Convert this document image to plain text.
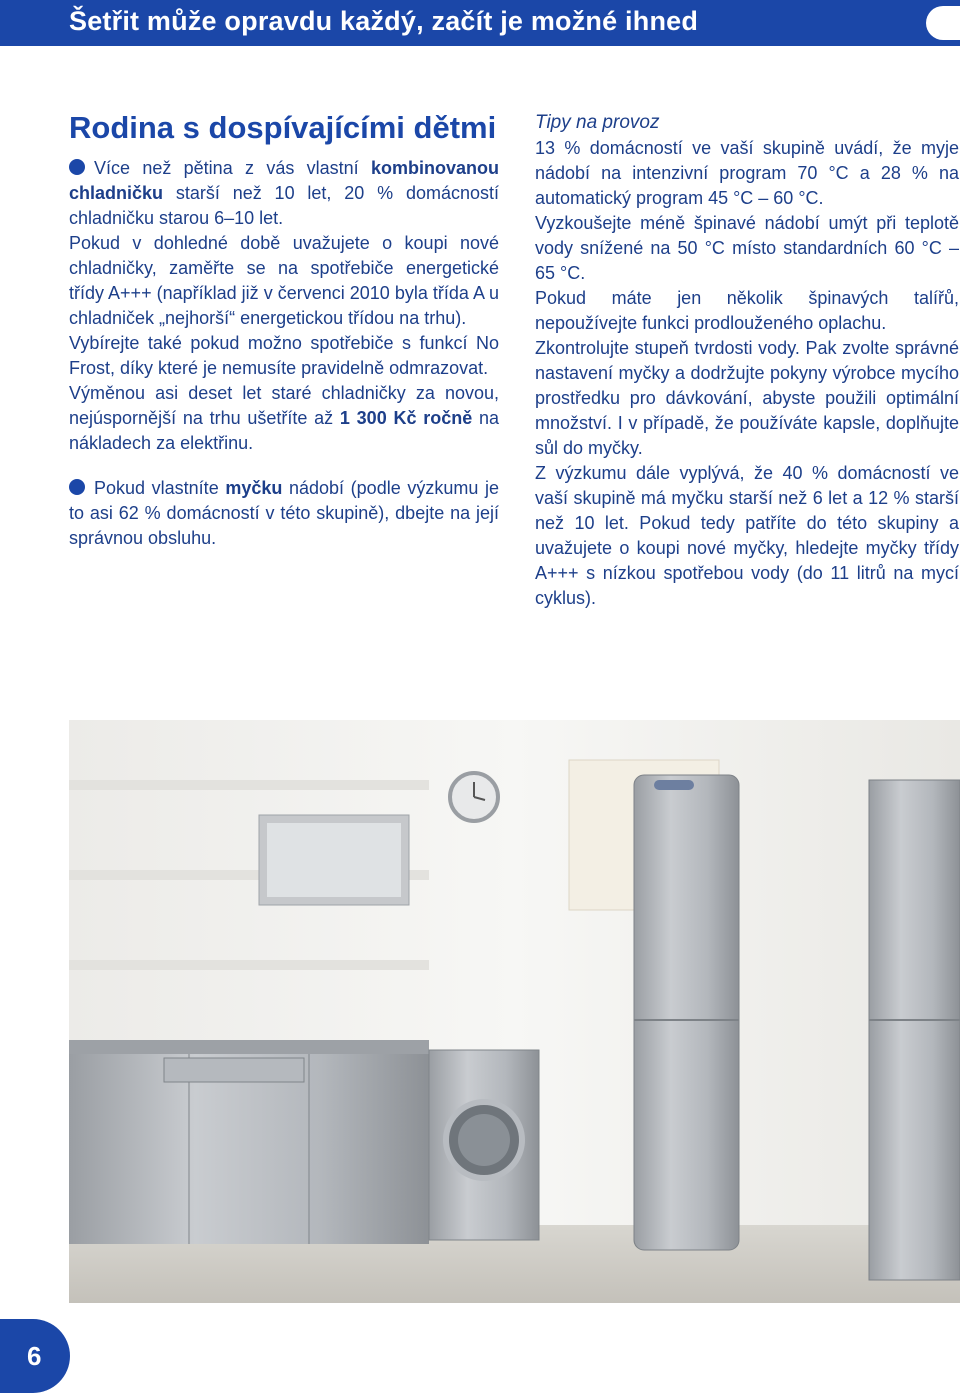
Šetřit může opravdu každý, začít je možné ihned
Rodina s dospívajícími dětmi

Více než pětina z vás vlastní kombinovanou chladničku starší než 10 let, 20 % domácností chladničku starou 6–10 let.

Pokud v dohledné době uvažujete o koupi nové chladničky, zaměřte se na spotřebiče energetické třídy A+++ (například již v červenci 2010 byla třída A u chladniček „nejhorší“ energetickou třídou na trhu).

Vybírejte také pokud možno spotřebiče s funkcí No Frost, díky které je nemusíte pravidelně odmrazovat.

Výměnou asi deset let staré chladničky za novou, nejúspornější na trhu ušetříte až 1 300 Kč ročně na nákladech za elektřinu.

Pokud vlastníte myčku nádobí (podle výzkumu je to asi 62 % domácností v této skupině), dbejte na její správnou obsluhu.

Tipy na provoz

13 % domácností ve vaší skupině uvádí, že myje nádobí na intenzivní program 70 °C a 28 % na automatický program 45 °C – 60 °C.

Vyzkoušejte méně špinavé nádobí umýt při teplotě vody snížené na 50 °C místo standardních 60 °C – 65 °C.

Pokud máte jen několik špinavých talířů, nepoužívejte funkci prodlouženého oplachu.

Zkontrolujte stupeň tvrdosti vody. Pak zvolte správné nastavení myčky a dodržujte pokyny výrobce mycího prostředku pro dávkování, abyste použili optimální množství. I v případě, že používáte kapsle, doplňujte sůl do myčky.

Z výzkumu dále vyplývá, že 40 % domácností ve vaší skupině má myčku starší než 6 let a 12 % starší než 10 let. Pokud tedy patříte do této skupiny a uvažujete o koupi nové myčky, hledejte myčky třídy A+++ s nízkou spotřebou vody (do 11 litrů na mycí cyklus).

6
